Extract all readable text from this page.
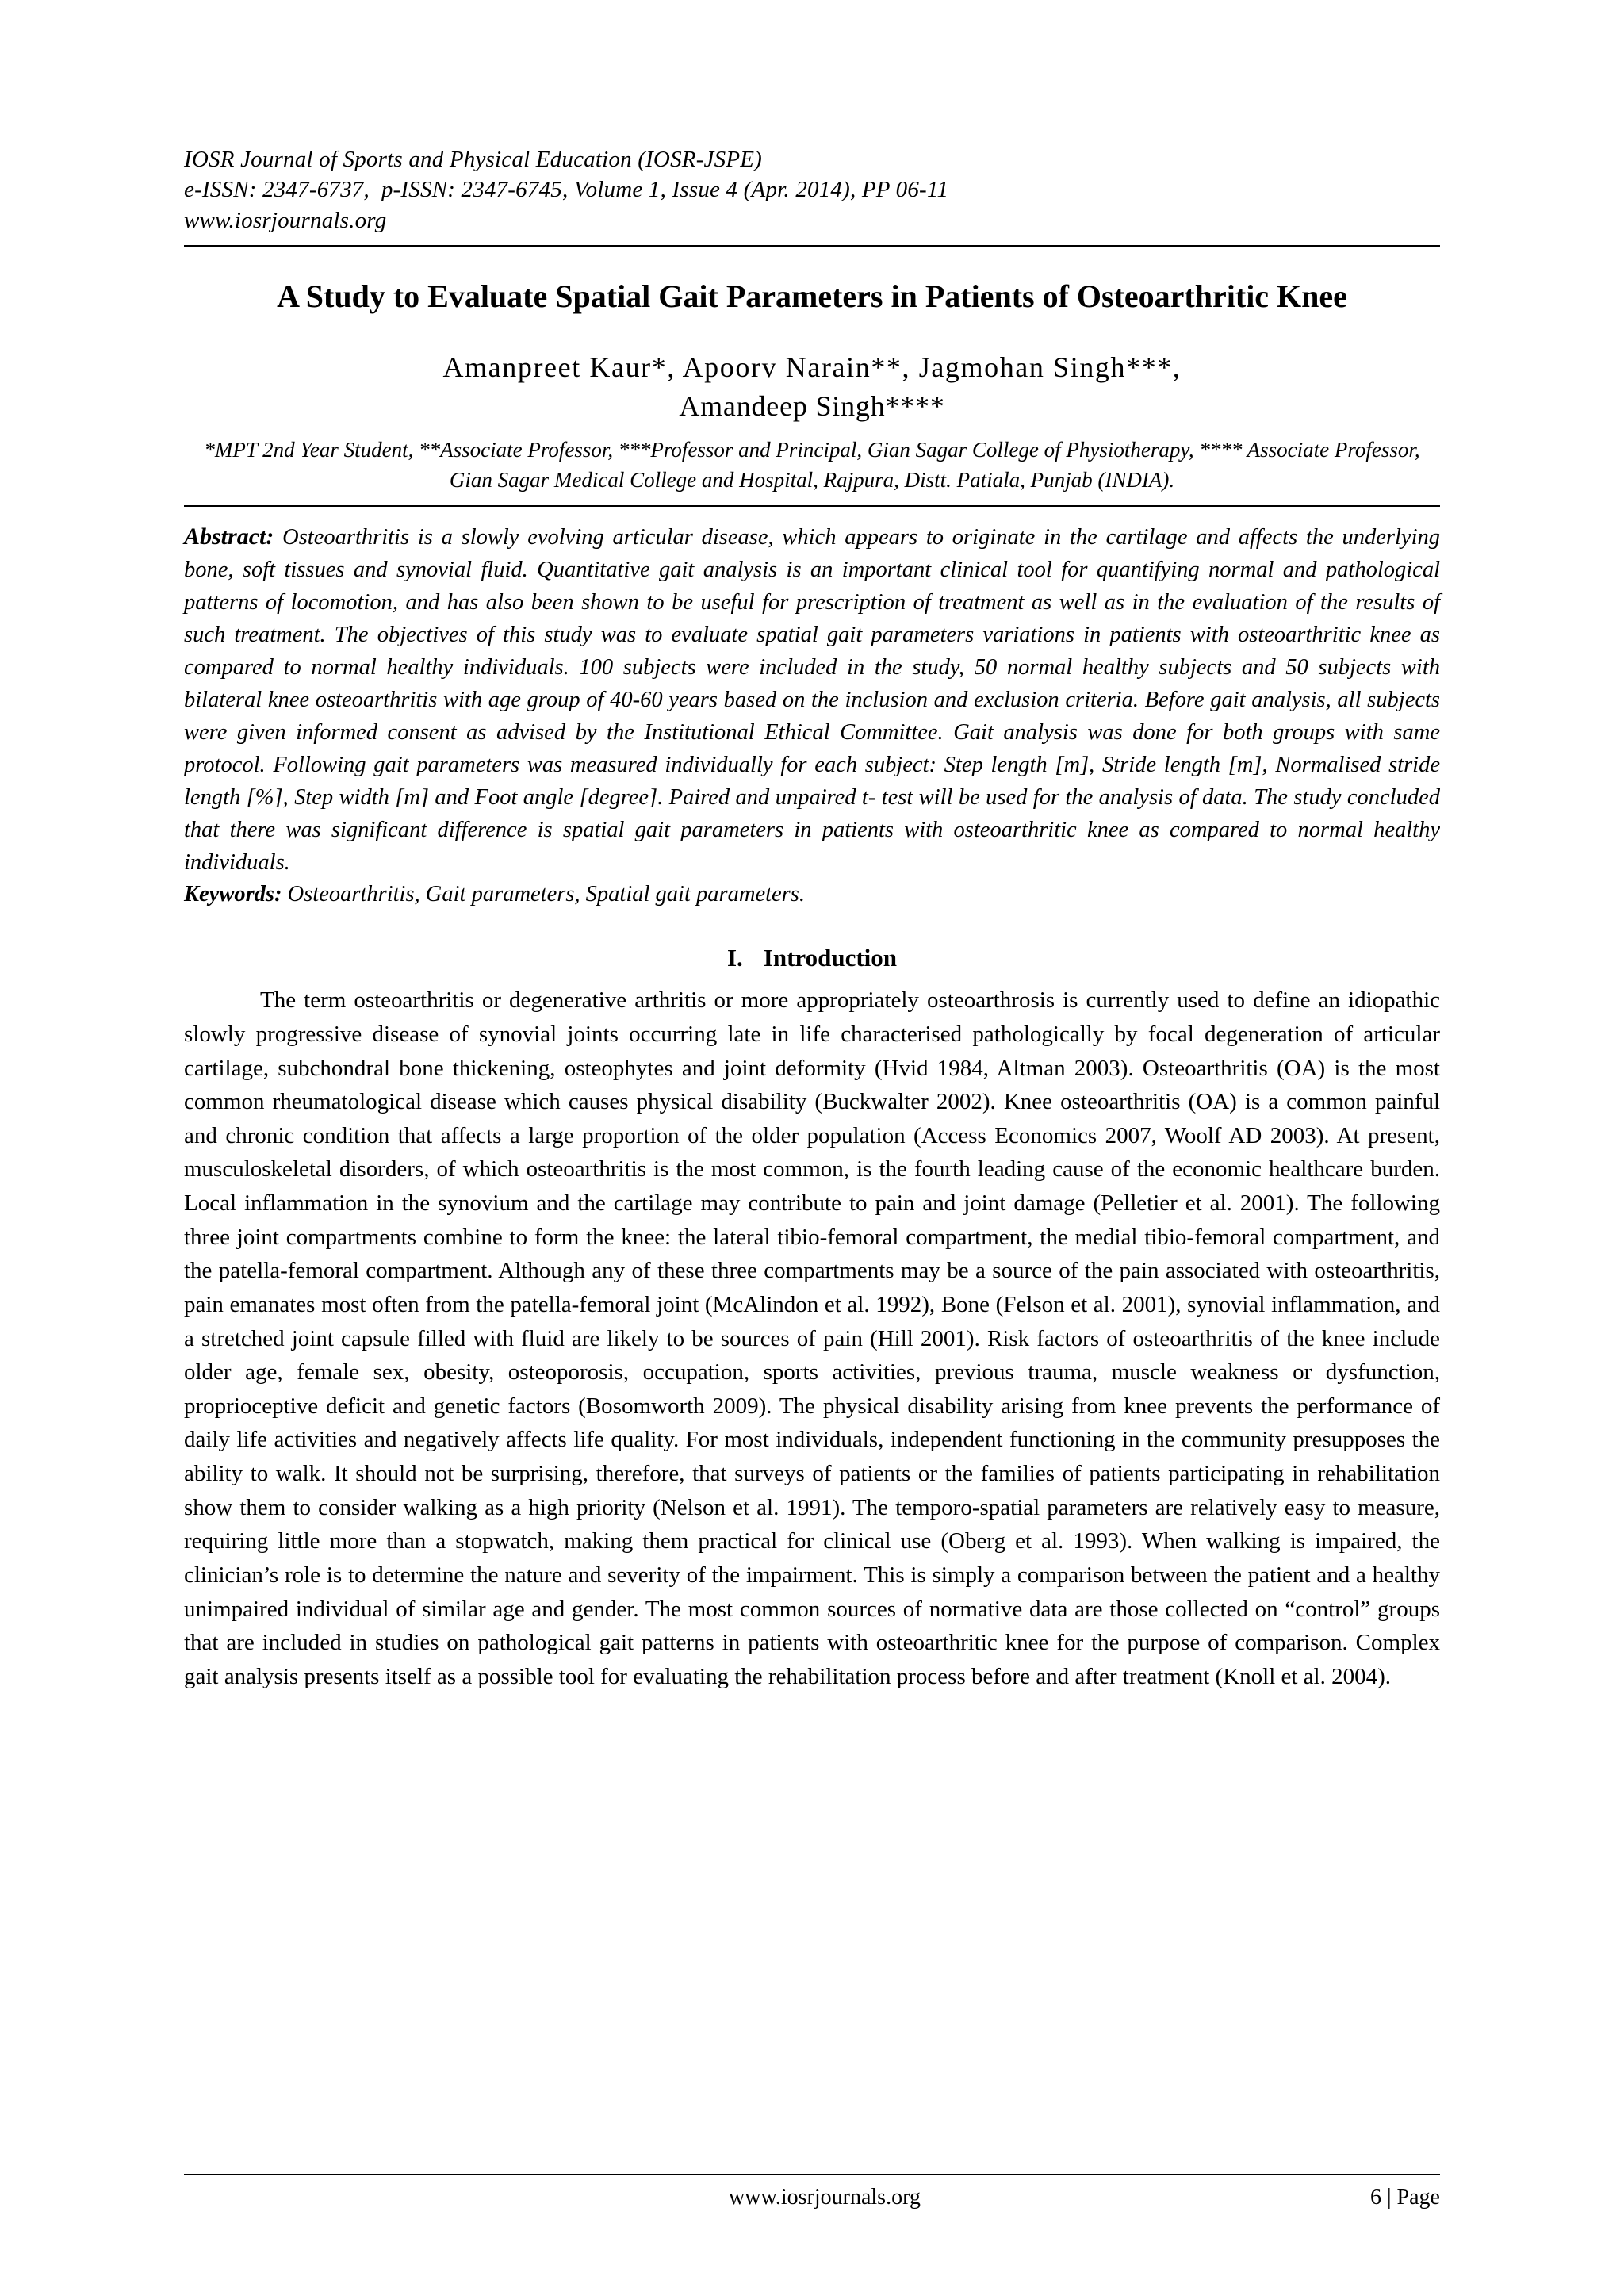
IOSR Journal of Sports and Physical Education (IOSR-JSPE)
e-ISSN: 2347-6737,  p-ISSN: 2347-6745, Volume 1, Issue 4 (Apr. 2014), PP 06-11
www.iosrjournals.org
A Study to Evaluate Spatial Gait Parameters in Patients of Osteoarthritic Knee
Amanpreet Kaur*, Apoorv Narain**, Jagmohan Singh***,
Amandeep Singh****
*MPT 2nd Year Student, **Associate Professor, ***Professor and Principal, Gian Sagar College of Physiotherapy, **** Associate Professor, Gian Sagar Medical College and Hospital, Rajpura, Distt. Patiala, Punjab (INDIA).
Abstract: Osteoarthritis is a slowly evolving articular disease, which appears to originate in the cartilage and affects the underlying bone, soft tissues and synovial fluid. Quantitative gait analysis is an important clinical tool for quantifying normal and pathological patterns of locomotion, and has also been shown to be useful for prescription of treatment as well as in the evaluation of the results of such treatment. The objectives of this study was to evaluate spatial gait parameters variations in patients with osteoarthritic knee as compared to normal healthy individuals. 100 subjects were included in the study, 50 normal healthy subjects and 50 subjects with bilateral knee osteoarthritis with age group of 40-60 years based on the inclusion and exclusion criteria. Before gait analysis, all subjects were given informed consent as advised by the Institutional Ethical Committee. Gait analysis was done for both groups with same protocol. Following gait parameters was measured individually for each subject: Step length [m], Stride length [m], Normalised stride length [%], Step width [m] and Foot angle [degree]. Paired and unpaired t- test will be used for the analysis of data. The study concluded that there was significant difference is spatial gait parameters in patients with osteoarthritic knee as compared to normal healthy individuals.
Keywords: Osteoarthritis, Gait parameters, Spatial gait parameters.
I. Introduction
The term osteoarthritis or degenerative arthritis or more appropriately osteoarthrosis is currently used to define an idiopathic slowly progressive disease of synovial joints occurring late in life characterised pathologically by focal degeneration of articular cartilage, subchondral bone thickening, osteophytes and joint deformity (Hvid 1984, Altman 2003). Osteoarthritis (OA) is the most common rheumatological disease which causes physical disability (Buckwalter 2002). Knee osteoarthritis (OA) is a common painful and chronic condition that affects a large proportion of the older population (Access Economics 2007, Woolf AD 2003). At present, musculoskeletal disorders, of which osteoarthritis is the most common, is the fourth leading cause of the economic healthcare burden. Local inflammation in the synovium and the cartilage may contribute to pain and joint damage (Pelletier et al. 2001). The following three joint compartments combine to form the knee: the lateral tibio-femoral compartment, the medial tibio-femoral compartment, and the patella-femoral compartment. Although any of these three compartments may be a source of the pain associated with osteoarthritis, pain emanates most often from the patella-femoral joint (McAlindon et al. 1992), Bone (Felson et al. 2001), synovial inflammation, and a stretched joint capsule filled with fluid are likely to be sources of pain (Hill 2001). Risk factors of osteoarthritis of the knee include older age, female sex, obesity, osteoporosis, occupation, sports activities, previous trauma, muscle weakness or dysfunction, proprioceptive deficit and genetic factors (Bosomworth 2009). The physical disability arising from knee prevents the performance of daily life activities and negatively affects life quality. For most individuals, independent functioning in the community presupposes the ability to walk. It should not be surprising, therefore, that surveys of patients or the families of patients participating in rehabilitation show them to consider walking as a high priority (Nelson et al. 1991). The temporo-spatial parameters are relatively easy to measure, requiring little more than a stopwatch, making them practical for clinical use (Oberg et al. 1993). When walking is impaired, the clinician’s role is to determine the nature and severity of the impairment. This is simply a comparison between the patient and a healthy unimpaired individual of similar age and gender. The most common sources of normative data are those collected on “control” groups that are included in studies on pathological gait patterns in patients with osteoarthritic knee for the purpose of comparison. Complex gait analysis presents itself as a possible tool for evaluating the rehabilitation process before and after treatment (Knoll et al. 2004).
www.iosrjournals.org	6 | Page
